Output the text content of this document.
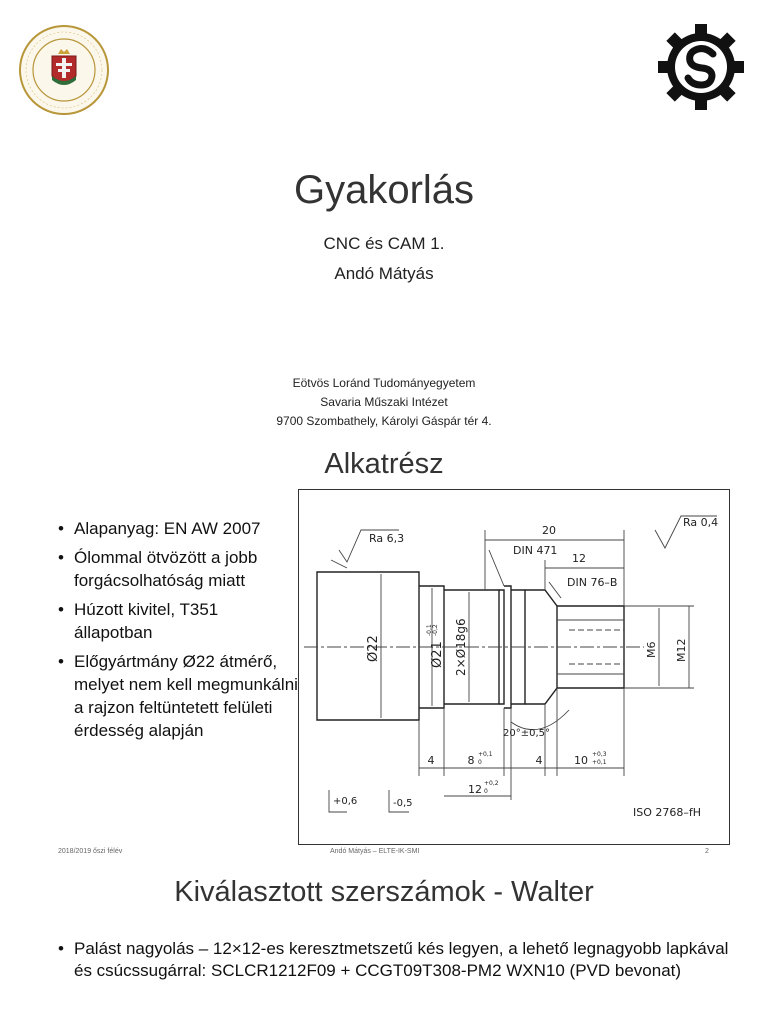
Gyakorlás
CNC és CAM 1.
Andó Mátyás
Eötvös Loránd Tudományegyetem
Savaria Műszaki Intézet
9700 Szombathely, Károlyi Gáspár tér 4.
Alkatrész
• Alapanyag: EN AW 2007
• Ólommal ötvözött a jobb forgácsolhatóság miatt
• Húzott kivitel, T351 állapotban
• Előgyártmány Ø22 átmérő, melyet nem kell megmunkálni a rajzon feltüntetett felületi érdesség alapján
Ra 6,3
Ra 0,4
20
DIN 471
12
DIN 76–B
Ø22	Ø21
-0,1 -0,2 2×Ø18g6	M6 M12
20°±0,5°
4	8 +0,1
0	4	10 +0,3
+0,1
12 +0,2
0
+0,6	-0,5
ISO 2768–fH
2018/2019 őszi félév	Andó Mátyás – ELTE-IK-SMI	2
Kiválasztott szerszámok - Walter
• Palást nagyolás – 12×12-es keresztmetszetű kés legyen, a lehető legnagyobb lapkával és csúcssugárral: SCLCR1212F09 + CCGT09T308-PM2 WXN10 (PVD bevonat)
